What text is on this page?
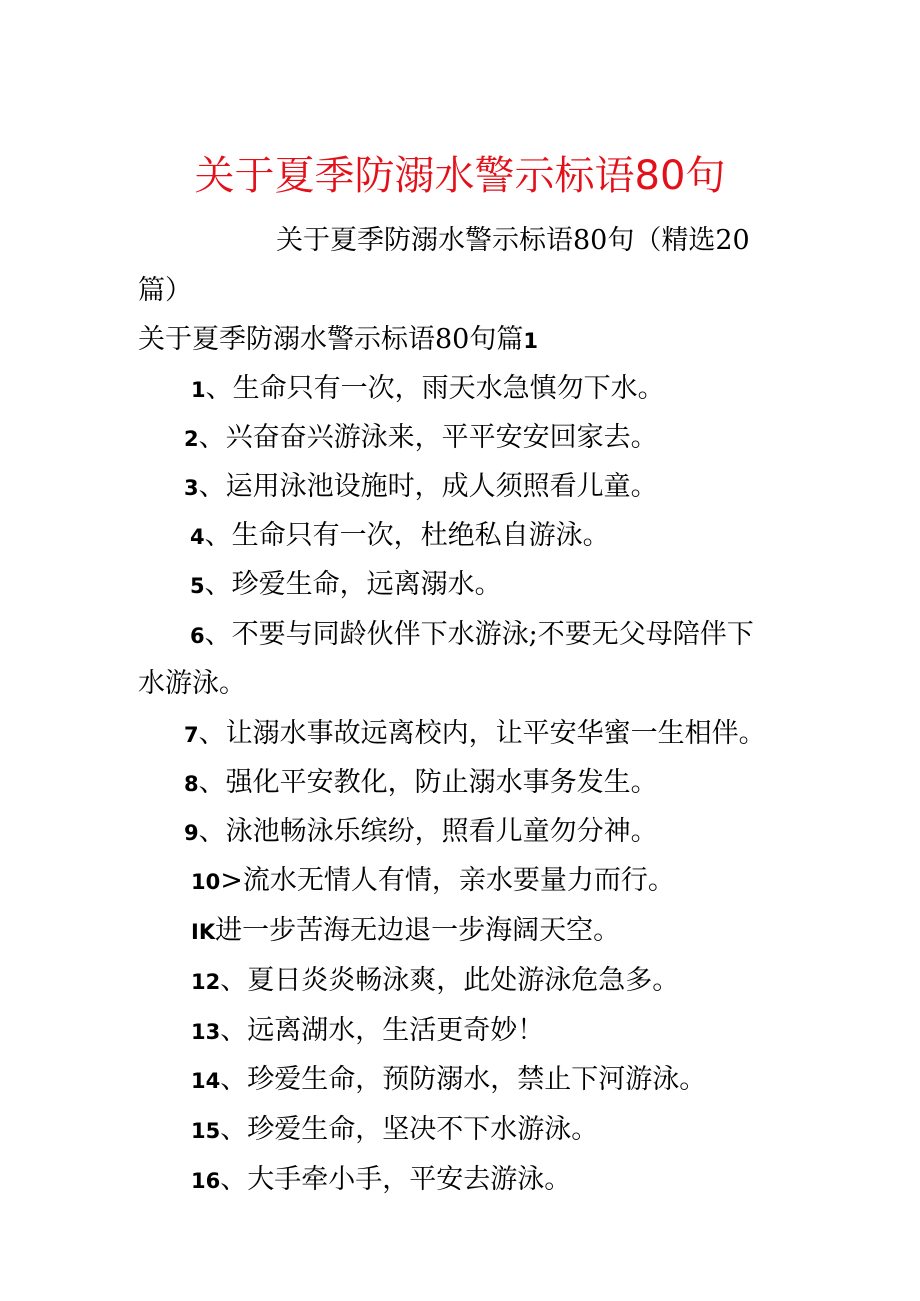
关于夏季防溺水警示标语80句
关于夏季防溺水警示标语80句（精选20篇）
关于夏季防溺水警示标语80句篇1
1、生命只有一次，雨天水急慎勿下水。
2、兴奋奋兴游泳来，平平安安回家去。
3、运用泳池设施时，成人须照看儿童。
4、生命只有一次，杜绝私自游泳。
5、珍爱生命，远离溺水。
6、不要与同龄伙伴下水游泳;不要无父母陪伴下
水游泳。
7、让溺水事故远离校内，让平安华蜜一生相伴。
8、强化平安教化，防止溺水事务发生。
9、泳池畅泳乐缤纷，照看儿童勿分神。
10>流水无情人有情，亲水要量力而行。
IK进一步苦海无边退一步海阔天空。
12、夏日炎炎畅泳爽，此处游泳危急多。
13、远离湖水，生活更奇妙！
14、珍爱生命，预防溺水，禁止下河游泳。
15、珍爱生命，坚决不下水游泳。
16、大手牵小手，平安去游泳。
